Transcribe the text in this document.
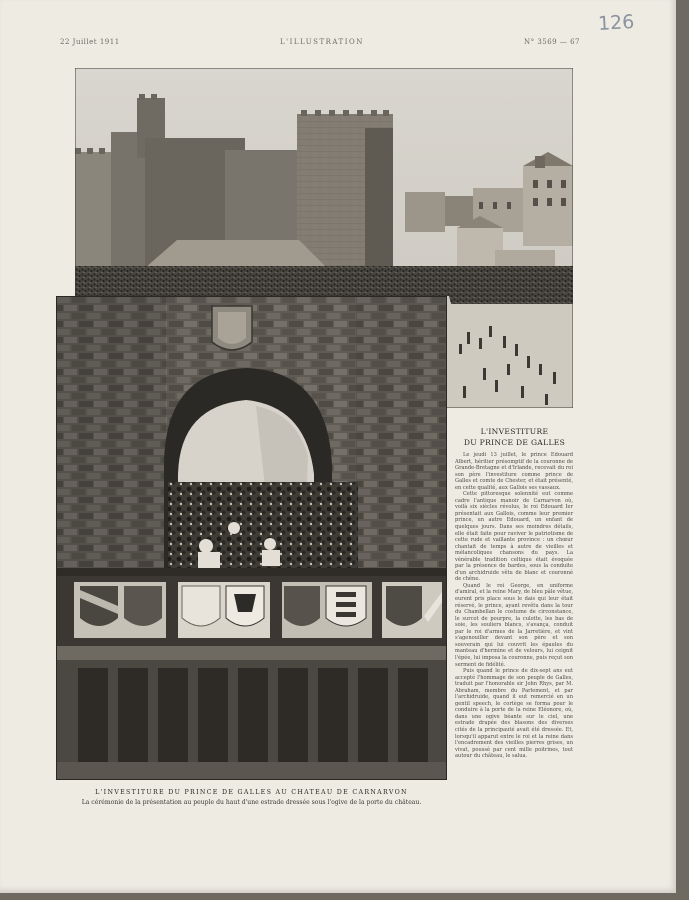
22 Juillet 1911	L'ILLUSTRATION	N° 3569 — 67
126
L'INVESTITURE DU PRINCE DE GALLES AU CHATEAU DE CARNARVON
La cérémonie de la présentation au peuple du haut d'une estrade dressée sous l'ogive de la porte du château.
L'INVESTITURE
DU PRINCE DE GALLES

Le jeudi 13 juillet, le prince Edouard Albert, héritier présomptif de la couronne de Grande-Bretagne et d'Irlande, recevait du roi son père l'investiture comme prince de Galles et comte de Chester, et était présenté, en cette qualité, aux Gallois ses vassaux.

Cette pittoresque solennité eut comme cadre l'antique manoir de Carnarvon où, voilà six siècles révolus, le roi Edouard Ier présentait aux Gallois, comme leur premier prince, un autre Edouard, un enfant de quelques jours. Dans ses moindres détails, elle était faite pour raviver le patriotisme de cette rude et vaillante province : un chœur chantait de temps à autre de vieilles et mélancoliques chansons du pays. La vénérable tradition celtique était évoquée par la présence de bardes, sous la conduite d'un archidruide vêtu de blanc et couronné de chêne.

Quand le roi George, en uniforme d'amiral, et la reine Mary, de bleu pâle vêtue, eurent pris place sous le dais qui leur était réservé, le prince, ayant revêtu dans la tour du Chambellan le costume de circonstance, le surcot de pourpre, la culotte, les bas de soie, les souliers blancs, s'avança, conduit par le roi d'armes de la Jarretière, et vint s'agenouiller devant son père et son souverain qui lui couvrit les épaules du manteau d'hermine et de velours, lui ceignit l'épée, lui imposa la couronne, puis reçut son serment de fidélité.

Puis quand le prince de dix-sept ans eut accepté l'hommage de son peuple de Galles, traduit par l'honorable sir John Rhys, par M. Abraham, membre du Parlement, et par l'archidruide, quand il eut remercié en un gentil speech, le cortège se forma pour le conduire à la porte de la reine Eléonore, où, dans une ogive béante sur le ciel, une estrade drapée des blasons des diverses cités de la principauté avait été dressée. Et, lorsqu'il apparut entre le roi et la reine dans l'encadrement des vieilles pierres grises, un vivat, poussé par cent mille poitrines, tout autour du château, le salua.
